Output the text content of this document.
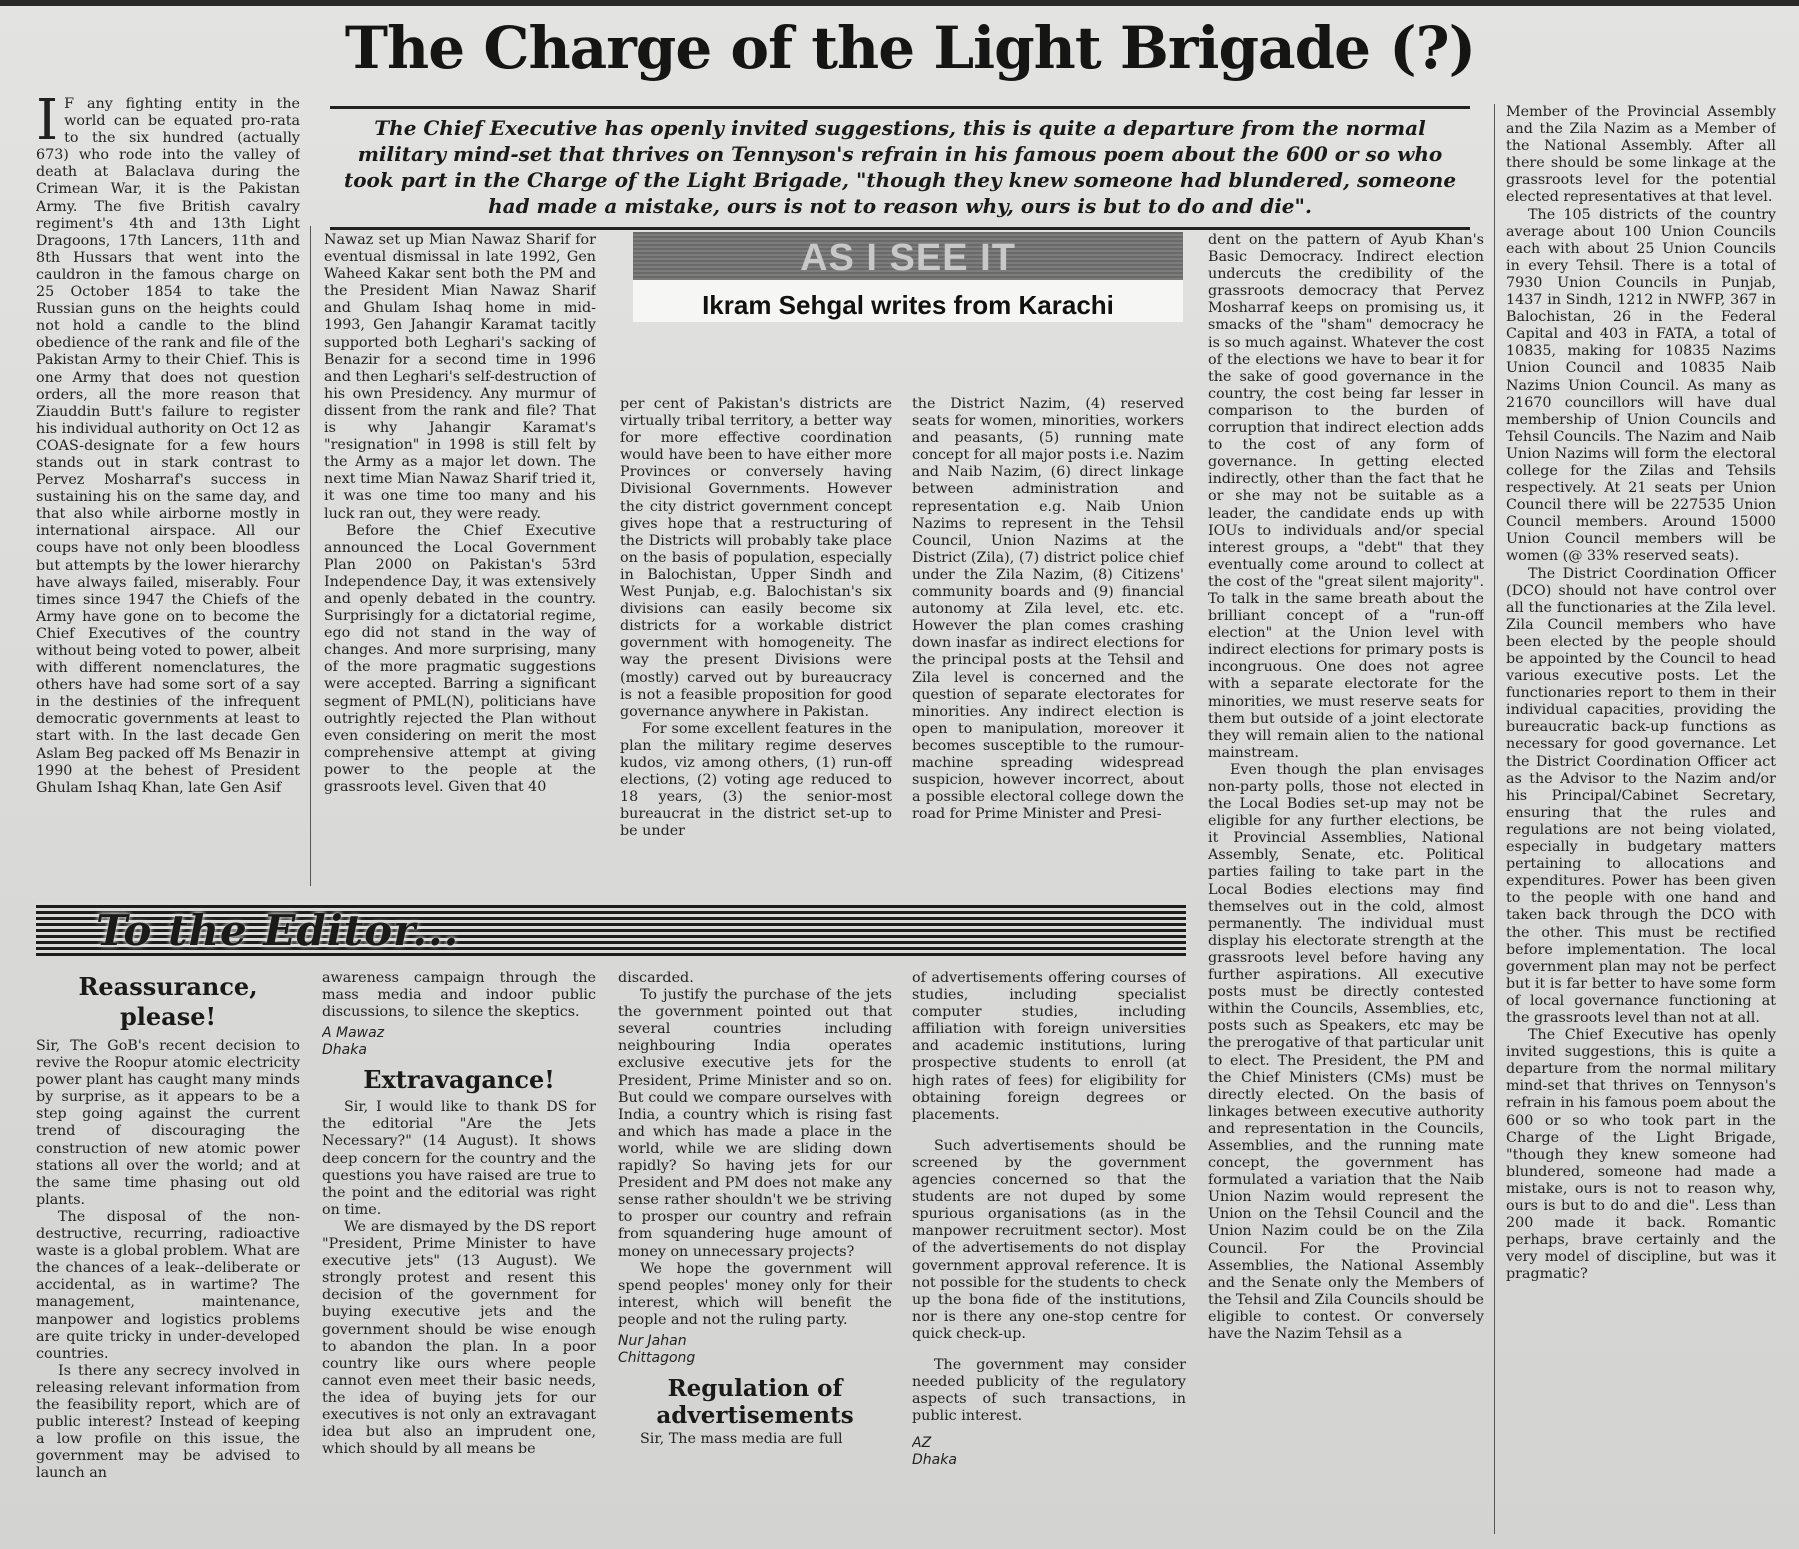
The Charge of the Light Brigade (?)
The Chief Executive has openly invited suggestions, this is quite a departure from the normal military mind-set that thrives on Tennyson's refrain in his famous poem about the 600 or so who took part in the Charge of the Light Brigade, "though they knew someone had blundered, someone had made a mistake, ours is not to reason why, ours is but to do and die".

I F any fighting entity in the world can be equated pro-rata to the six hundred (actually 673) who rode into the valley of death at Balaclava during the Crimean War, it is the Pakistan Army. The five British cavalry regiment's 4th and 13th Light Dragoons, 17th Lancers, 11th and 8th Hussars that went into the cauldron in the famous charge on 25 October 1854 to take the Russian guns on the heights could not hold a candle to the blind obedience of the rank and file of the Pakistan Army to their Chief. This is one Army that does not question orders, all the more reason that Ziauddin Butt's failure to register his individual authority on Oct 12 as COAS-designate for a few hours stands out in stark contrast to Pervez Mosharraf's success in sustaining his on the same day, and that also while airborne mostly in international airspace. All our coups have not only been bloodless but attempts by the lower hierarchy have always failed, miserably. Four times since 1947 the Chiefs of the Army have gone on to become the Chief Executives of the country without being voted to power, albeit with different nomenclatures, the others have had some sort of a say in the destinies of the infrequent democratic governments at least to start with. In the last decade Gen Aslam Beg packed off Ms Benazir in 1990 at the behest of President Ghulam Ishaq Khan, late Gen Asif

Nawaz set up Mian Nawaz Sharif for eventual dismissal in late 1992, Gen Waheed Kakar sent both the PM and the President Mian Nawaz Sharif and Ghulam Ishaq home in mid-1993, Gen Jahangir Karamat tacitly supported both Leghari's sacking of Benazir for a second time in 1996 and then Leghari's self-destruction of his own Presidency. Any murmur of dissent from the rank and file? That is why Jahangir Karamat's "resignation" in 1998 is still felt by the Army as a major let down. The next time Mian Nawaz Sharif tried it, it was one time too many and his luck ran out, they were ready.

Before the Chief Executive announced the Local Government Plan 2000 on Pakistan's 53rd Independence Day, it was extensively and openly debated in the country. Surprisingly for a dictatorial regime, ego did not stand in the way of changes. And more surprising, many of the more pragmatic suggestions were accepted. Barring a significant segment of PML(N), politicians have outrightly rejected the Plan without even considering on merit the most comprehensive attempt at giving power to the people at the grassroots level. Given that 40

AS I SEE IT
Ikram Sehgal writes from Karachi

per cent of Pakistan's districts are virtually tribal territory, a better way for more effective coordination would have been to have either more Provinces or conversely having Divisional Governments. However the city district government concept gives hope that a restructuring of the Districts will probably take place on the basis of population, especially in Balochistan, Upper Sindh and West Punjab, e.g. Balochistan's six divisions can easily become six districts for a workable district government with homogeneity. The way the present Divisions were (mostly) carved out by bureaucracy is not a feasible proposition for good governance anywhere in Pakistan.

For some excellent features in the plan the military regime deserves kudos, viz among others, (1) run-off elections, (2) voting age reduced to 18 years, (3) the senior-most bureaucrat in the district set-up to be under

the District Nazim, (4) reserved seats for women, minorities, workers and peasants, (5) running mate concept for all major posts i.e. Nazim and Naib Nazim, (6) direct linkage between administration and representation e.g. Naib Union Nazims to represent in the Tehsil Council, Union Nazims at the District (Zila), (7) district police chief under the Zila Nazim, (8) Citizens' community boards and (9) financial autonomy at Zila level, etc. etc. However the plan comes crashing down inasfar as indirect elections for the principal posts at the Tehsil and Zila level is concerned and the question of separate electorates for minorities. Any indirect election is open to manipulation, moreover it becomes susceptible to the rumour-machine spreading widespread suspicion, however incorrect, about a possible electoral college down the road for Prime Minister and Presi-

dent on the pattern of Ayub Khan's Basic Democracy. Indirect election undercuts the credibility of the grassroots democracy that Pervez Mosharraf keeps on promising us, it smacks of the "sham" democracy he is so much against. Whatever the cost of the elections we have to bear it for the sake of good governance in the country, the cost being far lesser in comparison to the burden of corruption that indirect election adds to the cost of any form of governance. In getting elected indirectly, other than the fact that he or she may not be suitable as a leader, the candidate ends up with IOUs to individuals and/or special interest groups, a "debt" that they eventually come around to collect at the cost of the "great silent majority". To talk in the same breath about the brilliant concept of a "run-off election" at the Union level with indirect elections for primary posts is incongruous. One does not agree with a separate electorate for the minorities, we must reserve seats for them but outside of a joint electorate they will remain alien to the national mainstream.

Even though the plan envisages non-party polls, those not elected in the Local Bodies set-up may not be eligible for any further elections, be it Provincial Assemblies, National Assembly, Senate, etc. Political parties failing to take part in the Local Bodies elections may find themselves out in the cold, almost permanently. The individual must display his electorate strength at the grassroots level before having any further aspirations. All executive posts must be directly contested within the Councils, Assemblies, etc, posts such as Speakers, etc may be the prerogative of that particular unit to elect. The President, the PM and the Chief Ministers (CMs) must be directly elected. On the basis of linkages between executive authority and representation in the Councils, Assemblies, and the running mate concept, the government has formulated a variation that the Naib Union Nazim would represent the Union on the Tehsil Council and the Union Nazim could be on the Zila Council. For the Provincial Assemblies, the National Assembly and the Senate only the Members of the Tehsil and Zila Councils should be eligible to contest. Or conversely have the Nazim Tehsil as a

Member of the Provincial Assembly and the Zila Nazim as a Member of the National Assembly. After all there should be some linkage at the grassroots level for the potential elected representatives at that level.

The 105 districts of the country average about 100 Union Councils each with about 25 Union Councils in every Tehsil. There is a total of 7930 Union Councils in Punjab, 1437 in Sindh, 1212 in NWFP, 367 in Balochistan, 26 in the Federal Capital and 403 in FATA, a total of 10835, making for 10835 Nazims Union Council and 10835 Naib Nazims Union Council. As many as 21670 councillors will have dual membership of Union Councils and Tehsil Councils. The Nazim and Naib Union Nazims will form the electoral college for the Zilas and Tehsils respectively. At 21 seats per Union Council there will be 227535 Union Council members. Around 15000 Union Council members will be women (@ 33% reserved seats).

The District Coordination Officer (DCO) should not have control over all the functionaries at the Zila level. Zila Council members who have been elected by the people should be appointed by the Council to head various executive posts. Let the functionaries report to them in their individual capacities, providing the bureaucratic back-up functions as necessary for good governance. Let the District Coordination Officer act as the Advisor to the Nazim and/or his Principal/Cabinet Secretary, ensuring that the rules and regulations are not being violated, especially in budgetary matters pertaining to allocations and expenditures. Power has been given to the people with one hand and taken back through the DCO with the other. This must be rectified before implementation. The local government plan may not be perfect but it is far better to have some form of local governance functioning at the grassroots level than not at all.

The Chief Executive has openly invited suggestions, this is quite a departure from the normal military mind-set that thrives on Tennyson's refrain in his famous poem about the 600 or so who took part in the Charge of the Light Brigade, "though they knew someone had blundered, someone had made a mistake, ours is not to reason why, ours is but to do and die". Less than 200 made it back. Romantic perhaps, brave certainly and the very model of discipline, but was it pragmatic?

To the Editor...
Reassurance, please!

Sir, The GoB's recent decision to revive the Roopur atomic electricity power plant has caught many minds by surprise, as it appears to be a step going against the current trend of discouraging the construction of new atomic power stations all over the world; and at the same time phasing out old plants.

The disposal of the non-destructive, recurring, radioactive waste is a global problem. What are the chances of a leak--deliberate or accidental, as in wartime? The management, maintenance, manpower and logistics problems are quite tricky in under-developed countries.

Is there any secrecy involved in releasing relevant information from the feasibility report, which are of public interest? Instead of keeping a low profile on this issue, the government may be advised to launch an

awareness campaign through the mass media and indoor public discussions, to silence the skeptics.

A Mawaz
Dhaka
Extravagance!

Sir, I would like to thank DS for the editorial "Are the Jets Necessary?" (14 August). It shows deep concern for the country and the questions you have raised are true to the point and the editorial was right on time.

We are dismayed by the DS report "President, Prime Minister to have executive jets" (13 August). We strongly protest and resent this decision of the government for buying executive jets and the government should be wise enough to abandon the plan. In a poor country like ours where people cannot even meet their basic needs, the idea of buying jets for our executives is not only an extravagant idea but also an imprudent one, which should by all means be

discarded.

To justify the purchase of the jets the government pointed out that several countries including neighbouring India operates exclusive executive jets for the President, Prime Minister and so on. But could we compare ourselves with India, a country which is rising fast and which has made a place in the world, while we are sliding down rapidly? So having jets for our President and PM does not make any sense rather shouldn't we be striving to prosper our country and refrain from squandering huge amount of money on unnecessary projects?

We hope the government will spend peoples' money only for their interest, which will benefit the people and not the ruling party.

Nur Jahan
Chittagong
Regulation of advertisements

Sir, The mass media are full

of advertisements offering courses of studies, including specialist computer studies, including affiliation with foreign universities and academic institutions, luring prospective students to enroll (at high rates of fees) for eligibility for obtaining foreign degrees or placements.

Such advertisements should be screened by the government agencies concerned so that the students are not duped by some spurious organisations (as in the manpower recruitment sector). Most of the advertisements do not display government approval reference. It is not possible for the students to check up the bona fide of the institutions, nor is there any one-stop centre for quick check-up.

The government may consider needed publicity of the regulatory aspects of such transactions, in public interest.

AZ
Dhaka
